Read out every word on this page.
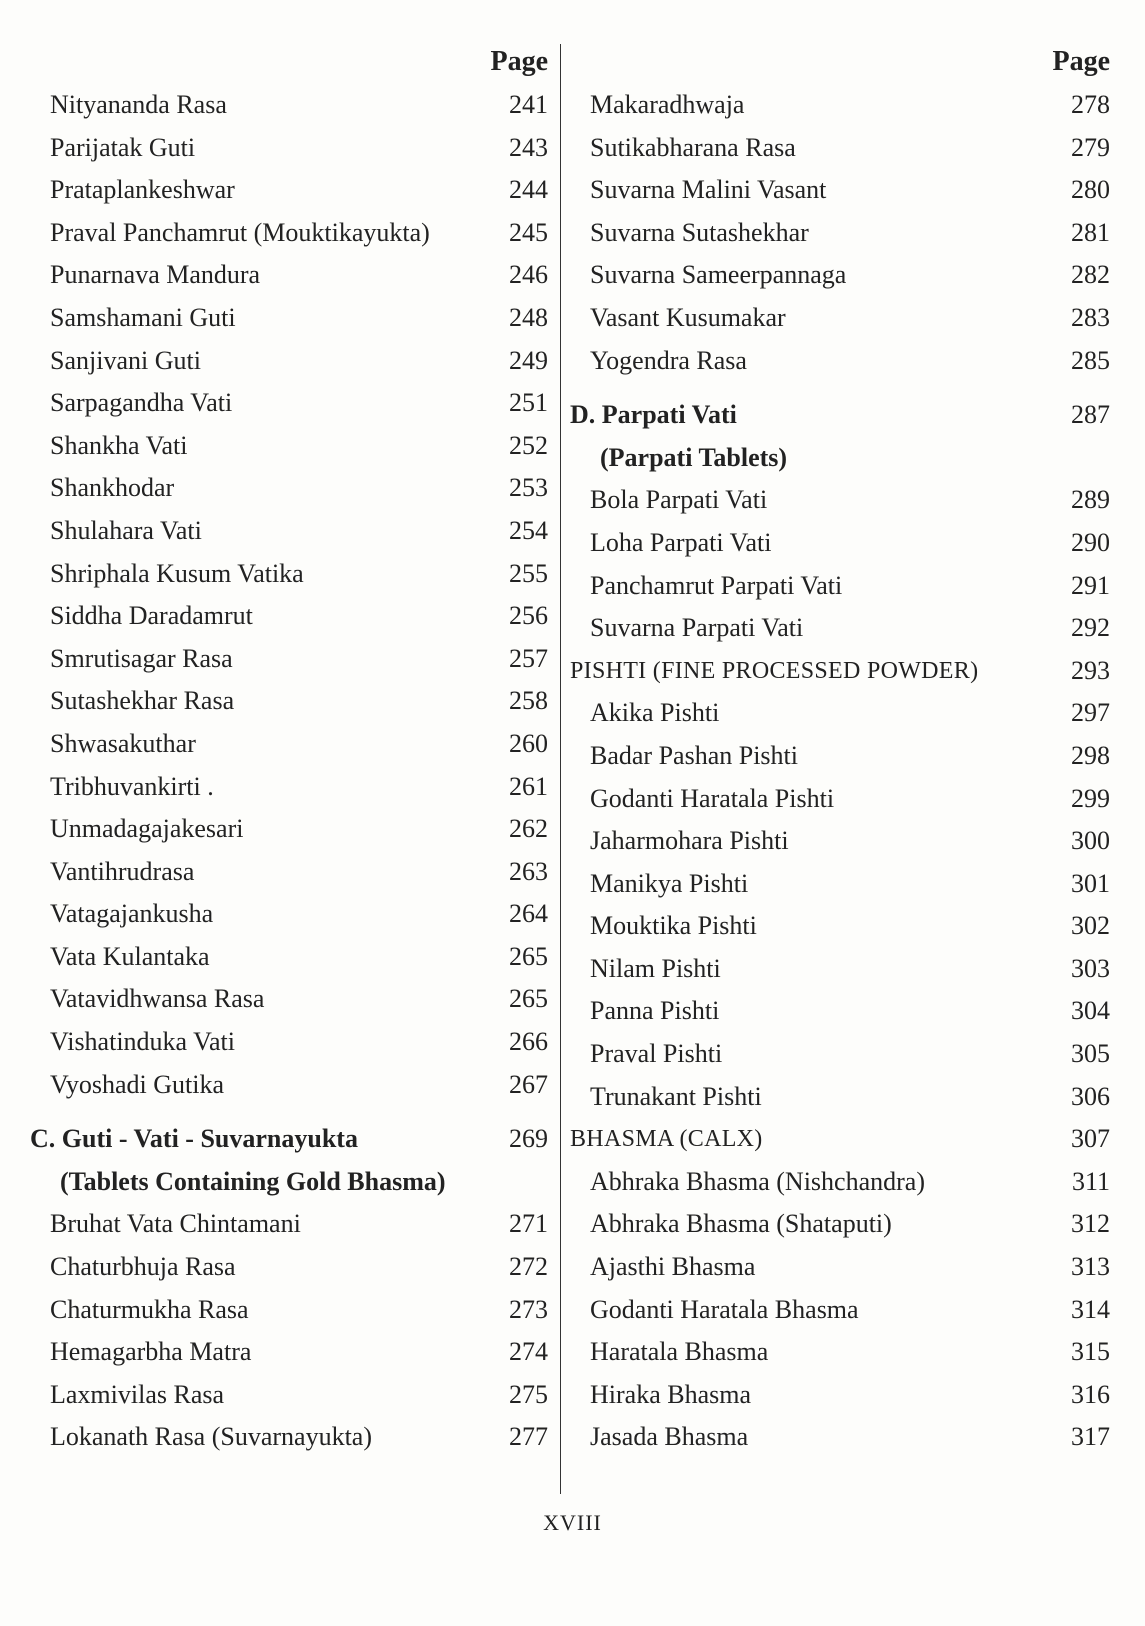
Page
Nityananda Rasa	241
Parijatak Guti	243
Prataplankeshwar	244
Praval Panchamrut (Mouktikayukta)	245
Punarnava Mandura	246
Samshamani Guti	248
Sanjivani Guti	249
Sarpagandha Vati	251
Shankha Vati	252
Shankhodar	253
Shulahara Vati	254
Shriphala Kusum Vatika	255
Siddha Daradamrut	256
Smrutisagar Rasa	257
Sutashekhar Rasa	258
Shwasakuthar	260
Tribhuvankirti .	261
Unmadagajakesari	262
Vantihrudrasa	263
Vatagajankusha	264
Vata Kulantaka	265
Vatavidhwansa Rasa	265
Vishatinduka Vati	266
Vyoshadi Gutika	267
C. Guti - Vati - Suvarnayukta	269
(Tablets Containing Gold Bhasma)
Bruhat Vata Chintamani	271
Chaturbhuja Rasa	272
Chaturmukha Rasa	273
Hemagarbha Matra	274
Laxmivilas Rasa	275
Lokanath Rasa (Suvarnayukta)	277
Page
Makaradhwaja	278
Sutikabharana Rasa	279
Suvarna Malini Vasant	280
Suvarna Sutashekhar	281
Suvarna Sameerpannaga	282
Vasant Kusumakar	283
Yogendra Rasa	285
D. Parpati Vati	287
(Parpati Tablets)
Bola Parpati Vati	289
Loha Parpati Vati	290
Panchamrut Parpati Vati	291
Suvarna Parpati Vati	292
PISHTI (FINE PROCESSED POWDER)	293
Akika Pishti	297
Badar Pashan Pishti	298
Godanti Haratala Pishti	299
Jaharmohara Pishti	300
Manikya Pishti	301
Mouktika Pishti	302
Nilam Pishti	303
Panna Pishti	304
Praval Pishti	305
Trunakant Pishti	306
BHASMA (CALX)	307
Abhraka Bhasma (Nishchandra)	311
Abhraka Bhasma (Shataputi)	312
Ajasthi Bhasma	313
Godanti Haratala Bhasma	314
Haratala Bhasma	315
Hiraka Bhasma	316
Jasada Bhasma	317
XVIII
